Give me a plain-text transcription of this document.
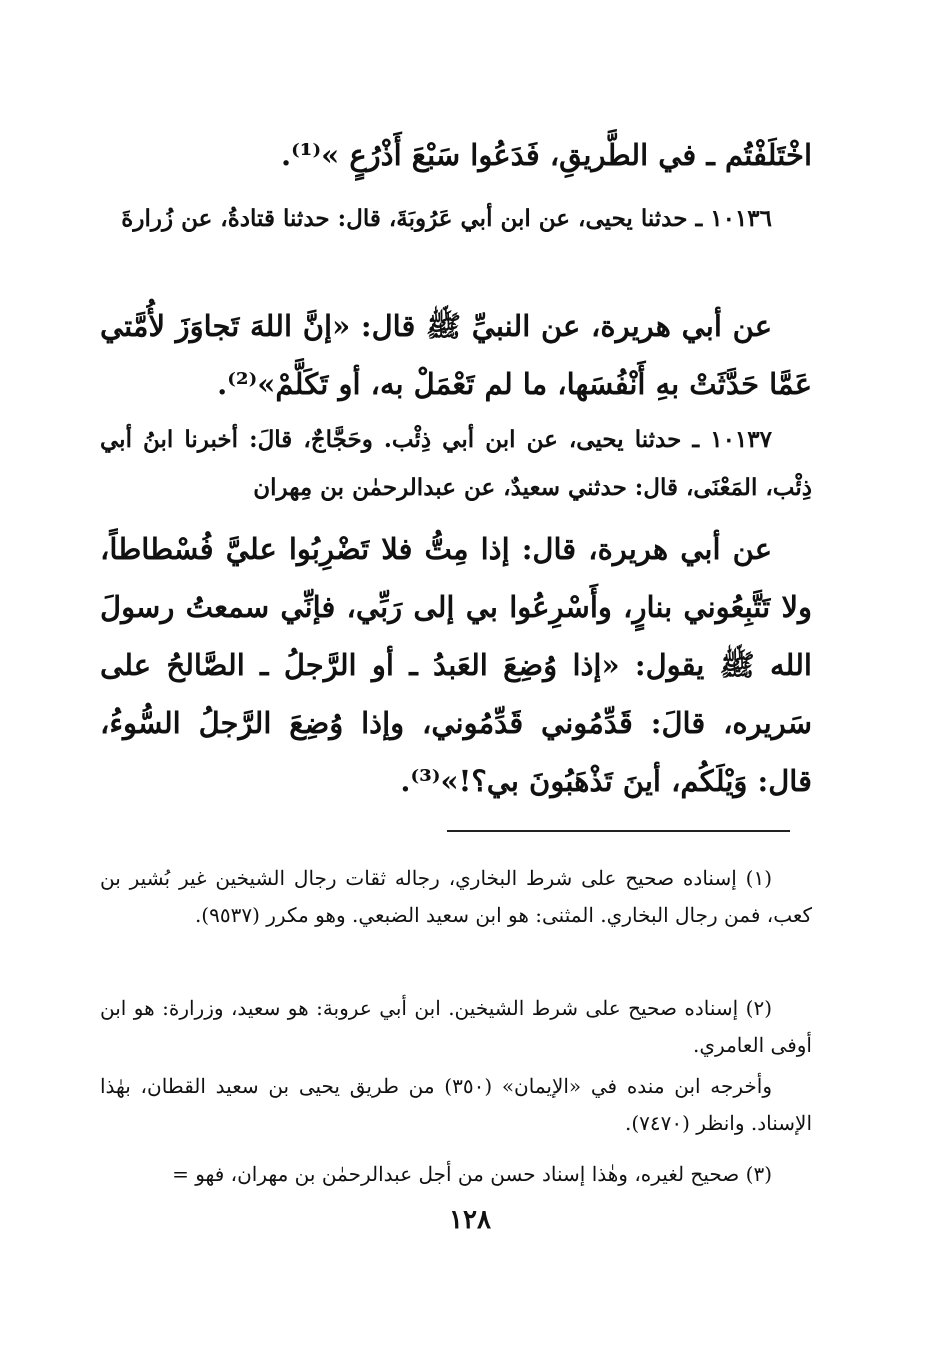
اخْتَلَفْتُم ـ في الطَّريقِ، فَدَعُوا سَبْعَ أَذْرُعٍ »⁽¹⁾.
١٠١٣٦ ـ حدثنا يحيى، عن ابن أبي عَرُوبَةَ، قال: حدثنا قتادةُ، عن زُرارةَ
عن أبي هريرة، عن النبيِّ ﷺ قال: «إنَّ اللهَ تَجاوَزَ لأُمَّتي عَمَّا حَدَّثَتْ بهِ أَنْفُسَها، ما لم تَعْمَلْ به، أو تَكَلَّمْ»⁽²⁾.
١٠١٣٧ ـ حدثنا يحيى، عن ابن أبي ذِئْب. وحَجَّاجٌ، قالَ: أخبرنا ابنُ أبي ذِئْب، المَعْنَى، قال: حدثني سعيدٌ، عن عبدالرحمٰن بن مِهران
عن أبي هريرة، قال: إذا مِتُّ فلا تَضْرِبُوا عليَّ فُسْطاطاً، ولا تَتَّبِعُوني بنارٍ، وأَسْرِعُوا بي إلى رَبِّي، فإنِّي سمعتُ رسولَ الله ﷺ يقول: «إذا وُضِعَ العَبدُ ـ أو الرَّجلُ ـ الصَّالحُ على سَريره، قالَ: قَدِّمُوني قَدِّمُوني، وإذا وُضِعَ الرَّجلُ السُّوءُ، قال: وَيْلَكُم، أينَ تَذْهَبُونَ بي؟!»⁽³⁾.
(١) إسناده صحيح على شرط البخاري، رجاله ثقات رجال الشيخين غير بُشير بن كعب، فمن رجال البخاري. المثنى: هو ابن سعيد الضبعي. وهو مكرر (٩٥٣٧).
(٢) إسناده صحيح على شرط الشيخين. ابن أبي عروبة: هو سعيد، وزرارة: هو ابن أوفى العامري.
وأخرجه ابن منده في «الإيمان» (٣٥٠) من طريق يحيى بن سعيد القطان، بهٰذا الإسناد. وانظر (٧٤٧٠).
(٣) صحيح لغيره، وهٰذا إسناد حسن من أجل عبدالرحمٰن بن مهران، فهو =
١٢٨
